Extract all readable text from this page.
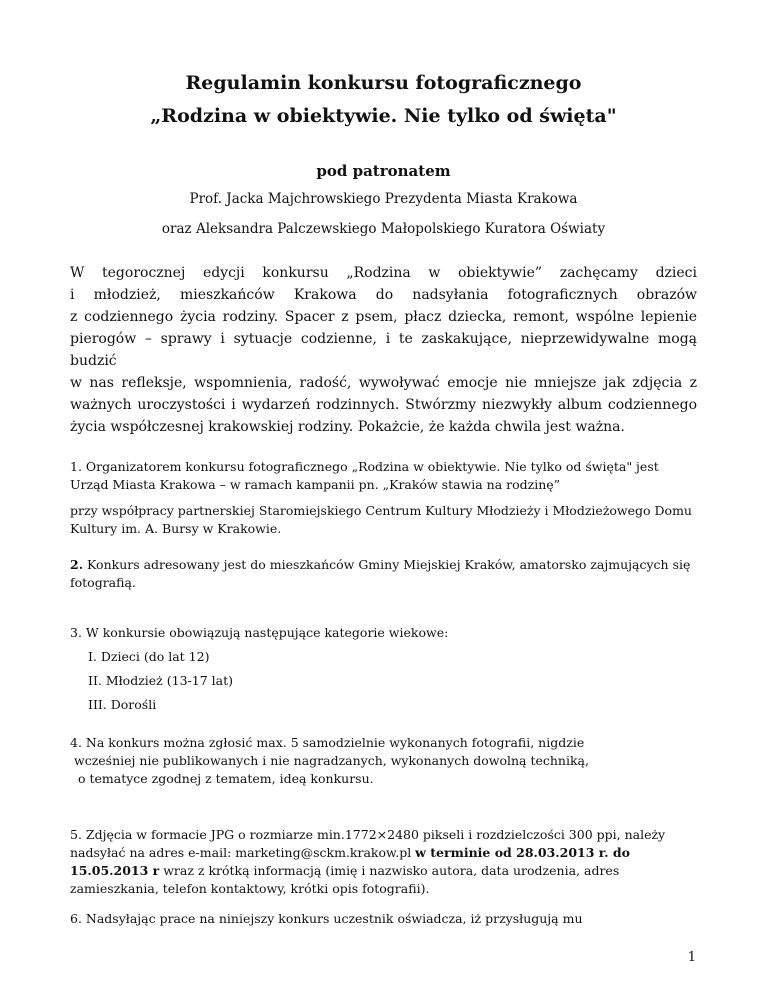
Regulamin konkursu fotograficznego

„Rodzina w obiektywie. Nie tylko od święta"

pod patronatem

Prof. Jacka Majchrowskiego Prezydenta Miasta Krakowa

oraz Aleksandra Palczewskiego Małopolskiego Kuratora Oświaty

W tegorocznej edycji konkursu „Rodzina w obiektywie” zachęcamy dzieci
i młodzież, mieszkańców Krakowa do nadsyłania fotograficznych obrazów
z codziennego życia rodziny. Spacer z psem, płacz dziecka, remont, wspólne lepienie
pierogów – sprawy i sytuacje codzienne, i te zaskakujące, nieprzewidywalne mogą budzić
w nas refleksje, wspomnienia, radość, wywoływać emocje nie mniejsze jak zdjęcia z
ważnych uroczystości i wydarzeń rodzinnych. Stwórzmy niezwykły album codziennego
życia współczesnej krakowskiej rodziny. Pokażcie, że każda chwila jest ważna.

1. Organizatorem konkursu fotograficznego „Rodzina w obiektywie. Nie tylko od święta" jest Urząd Miasta Krakowa – w ramach kampanii pn. „Kraków stawia na rodzinę”

przy współpracy partnerskiej Staromiejskiego Centrum Kultury Młodzieży i Młodzieżowego Domu Kultury im. A. Bursy w Krakowie.

2. Konkurs adresowany jest do mieszkańców Gminy Miejskiej Kraków, amatorsko zajmujących się fotografią.

3. W konkursie obowiązują następujące kategorie wiekowe:

I. Dzieci (do lat 12)

II. Młodzież (13-17 lat)

III. Dorośli

4. Na konkurs można zgłosić max. 5 samodzielnie wykonanych fotografii, nigdzie
wcześniej nie publikowanych i nie nagradzanych, wykonanych dowolną techniką,
o tematyce zgodnej z tematem, ideą konkursu.

5. Zdjęcia w formacie JPG o rozmiarze min.1772×2480 pikseli i rozdzielczości 300 ppi, należy nadsyłać na adres e-mail: marketing@sckm.krakow.pl w terminie od 28.03.2013 r. do 15.05.2013 r wraz z krótką informacją (imię i nazwisko autora, data urodzenia, adres zamieszkania, telefon kontaktowy, krótki opis fotografii).

6. Nadsyłając prace na niniejszy konkurs uczestnik oświadcza, iż przysługują mu

1
